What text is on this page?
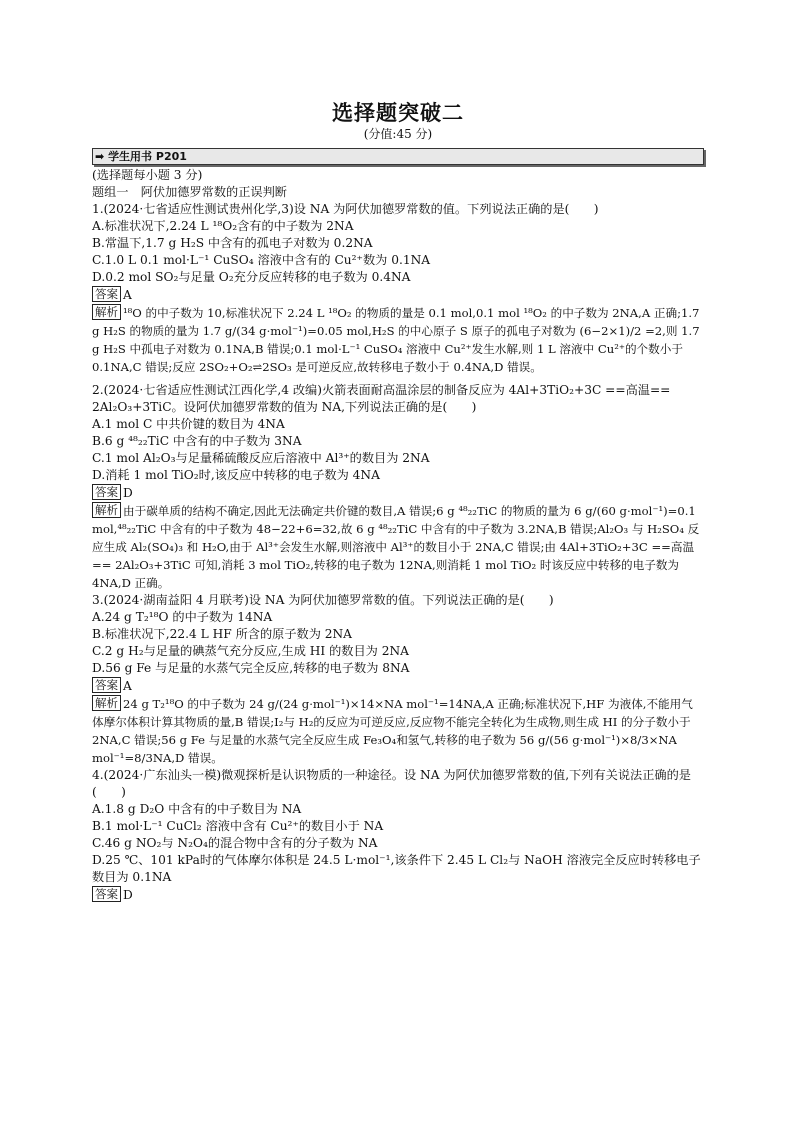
选择题突破二
(分值:45 分)
➡ 学生用书 P201
(选择题每小题 3 分)
题组一　阿伏加德罗常数的正误判断
1.(2024·七省适应性测试贵州化学,3)设 NA 为阿伏加德罗常数的值。下列说法正确的是(　　)
A.标准状况下,2.24 L ¹⁸O₂含有的中子数为 2NA
B.常温下,1.7 g H₂S 中含有的孤电子对数为 0.2NA
C.1.0 L 0.1 mol·L⁻¹ CuSO₄ 溶液中含有的 Cu²⁺数为 0.1NA
D.0.2 mol SO₂与足量 O₂充分反应转移的电子数为 0.4NA
答案 A
解析 ¹⁸O 的中子数为 10,标准状况下 2.24 L ¹⁸O₂ 的物质的量是 0.1 mol,0.1 mol ¹⁸O₂ 的中子数为 2NA,A 正确;1.7 g H₂S 的物质的量为 1.7 g/(34 g·mol⁻¹)=0.05 mol,H₂S 的中心原子 S 原子的孤电子对数为 (6−2×1)/2 =2,则 1.7 g H₂S 中孤电子对数为 0.1NA,B 错误;0.1 mol·L⁻¹ CuSO₄ 溶液中 Cu²⁺发生水解,则 1 L 溶液中 Cu²⁺的个数小于 0.1NA,C 错误;反应 2SO₂+O₂⇌2SO₃ 是可逆反应,故转移电子数小于 0.4NA,D 错误。
2.(2024·七省适应性测试江西化学,4 改编)火箭表面耐高温涂层的制备反应为 4Al+3TiO₂+3C ==高温== 2Al₂O₃+3TiC。设阿伏加德罗常数的值为 NA,下列说法正确的是(　　)
A.1 mol C 中共价键的数目为 4NA
B.6 g ⁴⁸₂₂TiC 中含有的中子数为 3NA
C.1 mol Al₂O₃与足量稀硫酸反应后溶液中 Al³⁺的数目为 2NA
D.消耗 1 mol TiO₂时,该反应中转移的电子数为 4NA
答案 D
解析 由于碳单质的结构不确定,因此无法确定共价键的数目,A 错误;6 g ⁴⁸₂₂TiC 的物质的量为 6 g/(60 g·mol⁻¹)=0.1 mol,⁴⁸₂₂TiC 中含有的中子数为 48−22+6=32,故 6 g ⁴⁸₂₂TiC 中含有的中子数为 3.2NA,B 错误;Al₂O₃ 与 H₂SO₄ 反应生成 Al₂(SO₄)₃ 和 H₂O,由于 Al³⁺会发生水解,则溶液中 Al³⁺的数目小于 2NA,C 错误;由 4Al+3TiO₂+3C ==高温== 2Al₂O₃+3TiC 可知,消耗 3 mol TiO₂,转移的电子数为 12NA,则消耗 1 mol TiO₂ 时该反应中转移的电子数为 4NA,D 正确。
3.(2024·湖南益阳 4 月联考)设 NA 为阿伏加德罗常数的值。下列说法正确的是(　　)
A.24 g T₂¹⁸O 的中子数为 14NA
B.标准状况下,22.4 L HF 所含的原子数为 2NA
C.2 g H₂与足量的碘蒸气充分反应,生成 HI 的数目为 2NA
D.56 g Fe 与足量的水蒸气完全反应,转移的电子数为 8NA
答案 A
解析 24 g T₂¹⁸O 的中子数为 24 g/(24 g·mol⁻¹)×14×NA mol⁻¹=14NA,A 正确;标准状况下,HF 为液体,不能用气体摩尔体积计算其物质的量,B 错误;I₂与 H₂的反应为可逆反应,反应物不能完全转化为生成物,则生成 HI 的分子数小于 2NA,C 错误;56 g Fe 与足量的水蒸气完全反应生成 Fe₃O₄和氢气,转移的电子数为 56 g/(56 g·mol⁻¹)×8/3×NA mol⁻¹=8/3NA,D 错误。
4.(2024·广东汕头一模)微观探析是认识物质的一种途径。设 NA 为阿伏加德罗常数的值,下列有关说法正确的是(　　)
A.1.8 g D₂O 中含有的中子数目为 NA
B.1 mol·L⁻¹ CuCl₂ 溶液中含有 Cu²⁺的数目小于 NA
C.46 g NO₂与 N₂O₄的混合物中含有的分子数为 NA
D.25 ℃、101 kPa时的气体摩尔体积是 24.5 L·mol⁻¹,该条件下 2.45 L Cl₂与 NaOH 溶液完全反应时转移电子数目为 0.1NA
答案 D
